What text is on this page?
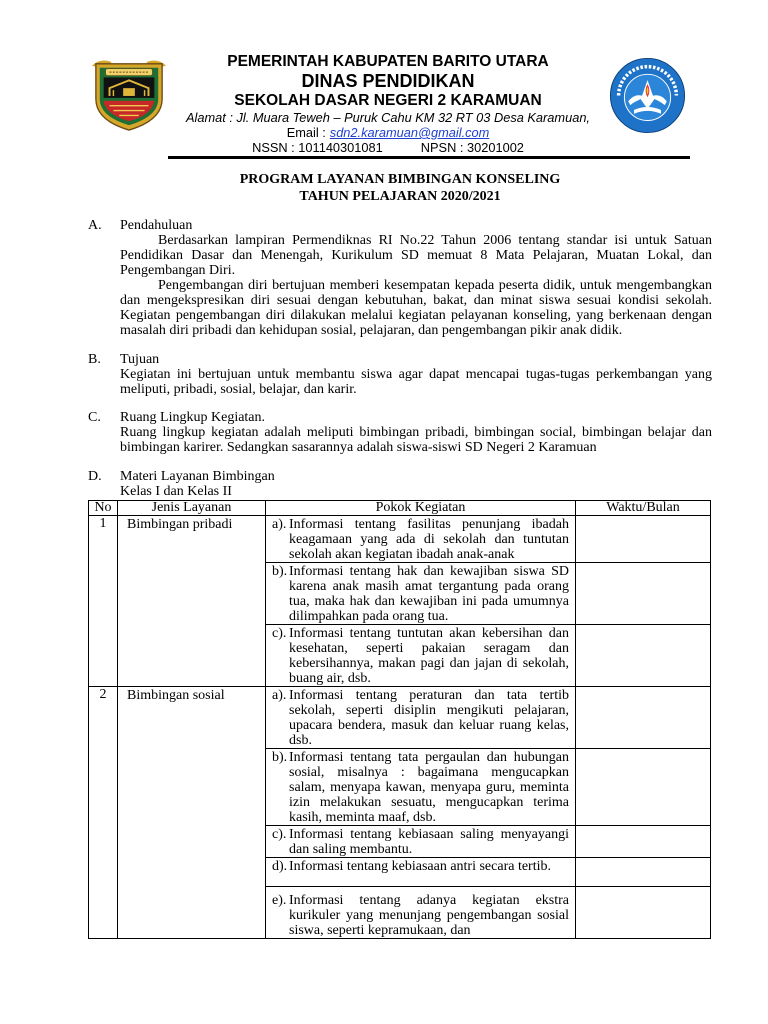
PEMERINTAH KABUPATEN BARITO UTARA
DINAS PENDIDIKAN
SEKOLAH DASAR NEGERI 2 KARAMUAN
Alamat : Jl. Muara Teweh – Puruk Cahu KM 32 RT 03 Desa Karamuan,
Email : sdn2.karamuan@gmail.com
NSSN : 101140301081	NPSN : 30201002
PROGRAM LAYANAN BIMBINGAN KONSELING
TAHUN PELAJARAN 2020/2021
A. Pendahuluan

Berdasarkan lampiran Permendiknas RI No.22 Tahun 2006 tentang standar isi untuk Satuan Pendidikan Dasar dan Menengah, Kurikulum SD memuat 8 Mata Pelajaran, Muatan Lokal, dan Pengembangan Diri.

Pengembangan diri bertujuan memberi kesempatan kepada peserta didik, untuk mengembangkan dan mengekspresikan diri sesuai dengan kebutuhan, bakat, dan minat siswa sesuai kondisi sekolah. Kegiatan pengembangan diri dilakukan melalui kegiatan pelayanan konseling, yang berkenaan dengan masalah diri pribadi dan kehidupan sosial, pelajaran, dan pengembangan pikir anak didik.

B. Tujuan

Kegiatan ini bertujuan untuk membantu siswa agar dapat mencapai tugas-tugas perkembangan yang meliputi, pribadi, sosial, belajar, dan karir.

C. Ruang Lingkup Kegiatan.

Ruang lingkup kegiatan adalah meliputi bimbingan pribadi, bimbingan social, bimbingan belajar dan bimbingan karirer. Sedangkan sasarannya adalah siswa-siswi SD Negeri 2 Karamuan

D. Materi Layanan Bimbingan

Kelas I dan Kelas II

No	Jenis Layanan	Pokok Kegiatan	Waktu/Bulan
1	Bimbingan pribadi	a). Informasi tentang fasilitas penunjang ibadah keagamaan yang ada di sekolah dan tuntutan sekolah akan kegiatan ibadah anak-anak	

		b). Informasi tentang hak dan kewajiban siswa SD karena anak masih amat tergantung pada orang tua, maka hak dan kewajiban ini pada umumnya dilimpahkan pada orang tua.	

		c). Informasi tentang tuntutan akan kebersihan dan kesehatan, seperti pakaian seragam dan kebersihannya, makan pagi dan jajan di sekolah, buang air, dsb.	

2	Bimbingan sosial	a). Informasi tentang peraturan dan tata tertib sekolah, seperti disiplin mengikuti pelajaran, upacara bendera, masuk dan keluar ruang kelas, dsb.	

		b). Informasi tentang tata pergaulan dan hubungan sosial, misalnya : bagaimana mengucapkan salam, menyapa kawan, menyapa guru, meminta izin melakukan sesuatu, mengucapkan terima kasih, meminta maaf, dsb.	

		c). Informasi tentang kebiasaan saling menyayangi dan saling membantu.	

		d). Informasi tentang kebiasaan antri secara tertib.	

		e). Informasi tentang adanya kegiatan ekstra kurikuler yang menunjang pengembangan sosial siswa, seperti kepramukaan, dan	
